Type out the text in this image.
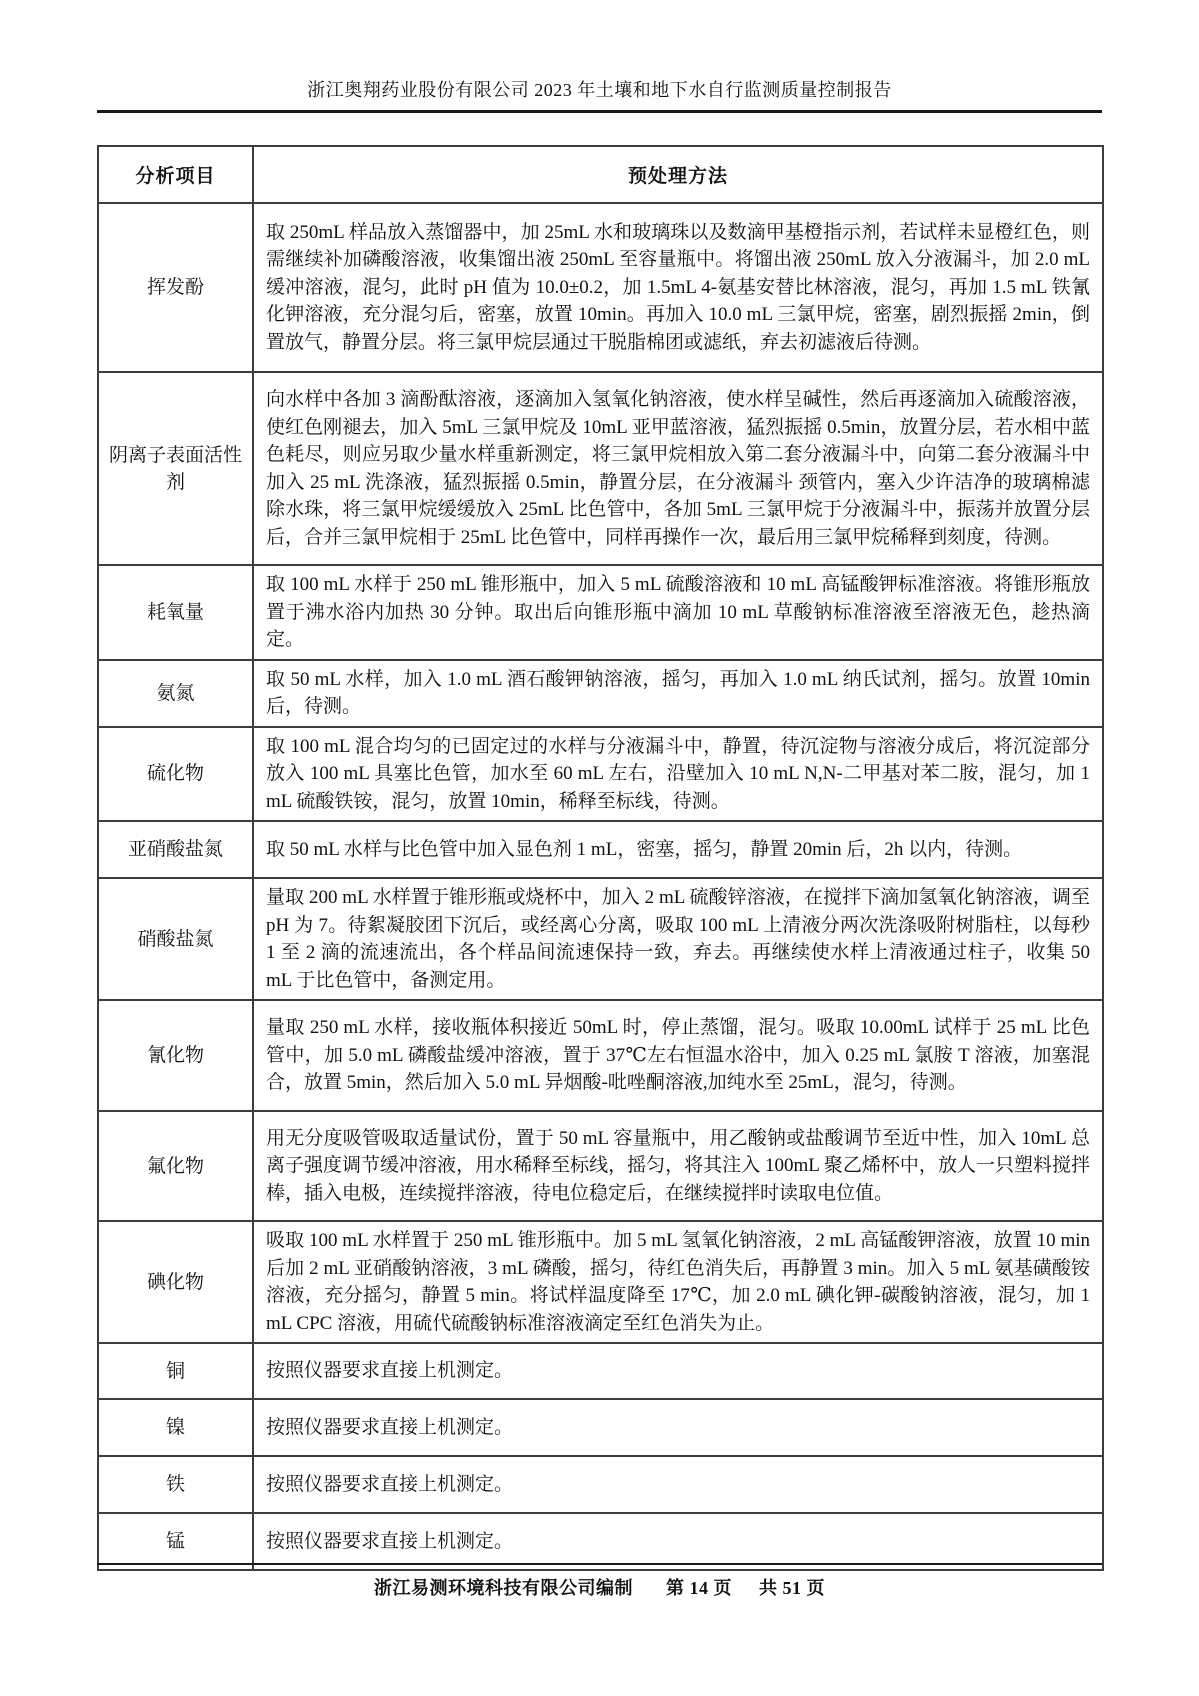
浙江奥翔药业股份有限公司 2023 年土壤和地下水自行监测质量控制报告
分析项目	预处理方法
挥发酚	取 250mL 样品放入蒸馏器中，加 25mL 水和玻璃珠以及数滴甲基橙指示剂，若试样未显橙红色，则需继续补加磷酸溶液，收集馏出液 250mL 至容量瓶中。将馏出液 250mL 放入分液漏斗，加 2.0 mL 缓冲溶液，混匀，此时 pH 值为 10.0±0.2，加 1.5mL 4-氨基安替比林溶液，混匀，再加 1.5 mL 铁氰化钾溶液，充分混匀后，密塞，放置 10min。再加入 10.0 mL 三氯甲烷，密塞，剧烈振摇 2min，倒置放气，静置分层。将三氯甲烷层通过干脱脂棉团或滤纸，弃去初滤液后待测。
阴离子表面活性剂	向水样中各加 3 滴酚酞溶液，逐滴加入氢氧化钠溶液，使水样呈碱性，然后再逐滴加入硫酸溶液，使红色刚褪去，加入 5mL 三氯甲烷及 10mL 亚甲蓝溶液，猛烈振摇 0.5min，放置分层，若水相中蓝色耗尽，则应另取少量水样重新测定，将三氯甲烷相放入第二套分液漏斗中，向第二套分液漏斗中加入 25 mL 洗涤液，猛烈振摇 0.5min，静置分层，在分液漏斗 颈管内，塞入少许洁净的玻璃棉滤除水珠，将三氯甲烷缓缓放入 25mL 比色管中，各加 5mL 三氯甲烷于分液漏斗中，振荡并放置分层后，合并三氯甲烷相于 25mL 比色管中，同样再操作一次，最后用三氯甲烷稀释到刻度，待测。
耗氧量	取 100 mL 水样于 250 mL 锥形瓶中，加入 5 mL 硫酸溶液和 10 mL 高锰酸钾标准溶液。将锥形瓶放置于沸水浴内加热 30 分钟。取出后向锥形瓶中滴加 10 mL 草酸钠标准溶液至溶液无色，趁热滴定。
氨氮	取 50 mL 水样，加入 1.0 mL 酒石酸钾钠溶液，摇匀，再加入 1.0 mL 纳氏试剂，摇匀。放置 10min 后，待测。
硫化物	取 100 mL 混合均匀的已固定过的水样与分液漏斗中，静置，待沉淀物与溶液分成后，将沉淀部分放入 100 mL 具塞比色管，加水至 60 mL 左右，沿壁加入 10 mL N,N-二甲基对苯二胺，混匀，加 1 mL 硫酸铁铵，混匀，放置 10min，稀释至标线，待测。
亚硝酸盐氮	取 50 mL 水样与比色管中加入显色剂 1 mL，密塞，摇匀，静置 20min 后，2h 以内，待测。
硝酸盐氮	量取 200 mL 水样置于锥形瓶或烧杯中，加入 2 mL 硫酸锌溶液，在搅拌下滴加氢氧化钠溶液，调至 pH 为 7。待絮凝胶团下沉后，或经离心分离，吸取 100 mL 上清液分两次洗涤吸附树脂柱，以每秒 1 至 2 滴的流速流出，各个样品间流速保持一致，弃去。再继续使水样上清液通过柱子，收集 50 mL 于比色管中，备测定用。
氰化物	量取 250 mL 水样，接收瓶体积接近 50mL 时，停止蒸馏，混匀。吸取 10.00mL 试样于 25 mL 比色管中，加 5.0 mL 磷酸盐缓冲溶液，置于 37℃左右恒温水浴中，加入 0.25 mL 氯胺 T 溶液，加塞混合，放置 5min，然后加入 5.0 mL 异烟酸-吡唑酮溶液,加纯水至 25mL，混匀，待测。
氟化物	用无分度吸管吸取适量试份，置于 50 mL 容量瓶中，用乙酸钠或盐酸调节至近中性，加入 10mL 总离子强度调节缓冲溶液，用水稀释至标线，摇匀，将其注入 100mL 聚乙烯杯中，放人一只塑料搅拌棒，插入电极，连续搅拌溶液，待电位稳定后，在继续搅拌时读取电位值。
碘化物	吸取 100 mL 水样置于 250 mL 锥形瓶中。加 5 mL 氢氧化钠溶液，2 mL 高锰酸钾溶液，放置 10 min 后加 2 mL 亚硝酸钠溶液，3 mL 磷酸，摇匀，待红色消失后，再静置 3 min。加入 5 mL 氨基磺酸铵溶液，充分摇匀，静置 5 min。将试样温度降至 17℃，加 2.0 mL 碘化钾-碳酸钠溶液，混匀，加 1 mL CPC 溶液，用硫代硫酸钠标准溶液滴定至红色消失为止。
铜	按照仪器要求直接上机测定。
镍	按照仪器要求直接上机测定。
铁	按照仪器要求直接上机测定。
锰	按照仪器要求直接上机测定。
浙江易测环境科技有限公司编制 第 14 页 共 51 页
